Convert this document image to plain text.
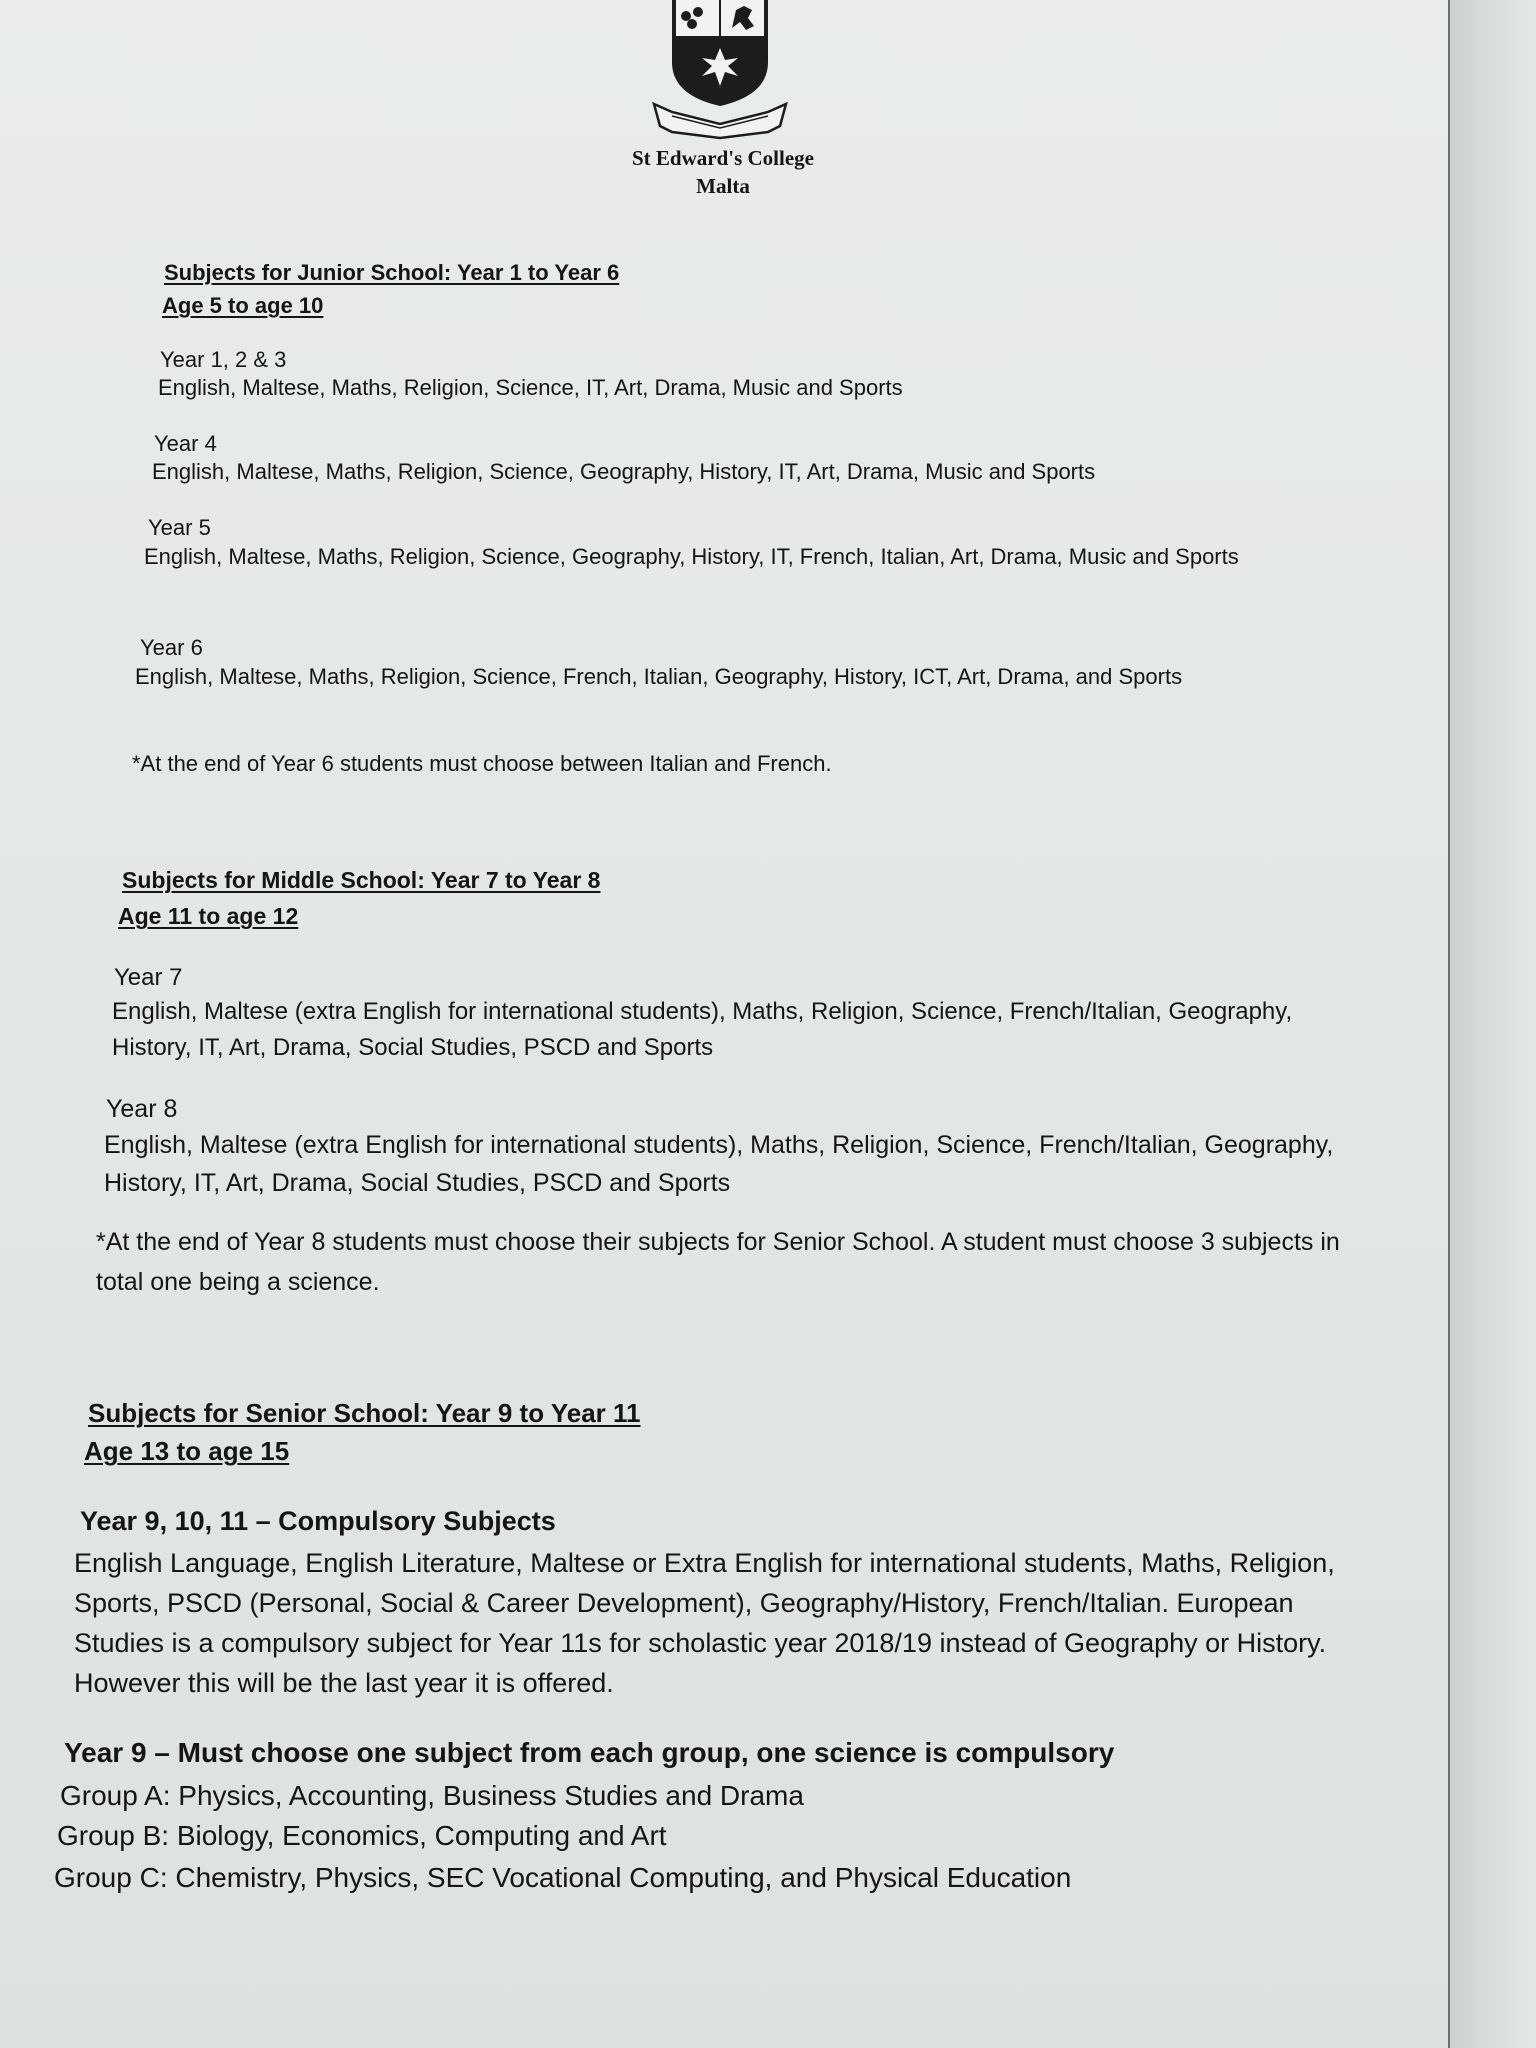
St Edward's College

Malta

Subjects for Junior School: Year 1 to Year 6

Age 5 to age 10

Year 1, 2 & 3

English, Maltese, Maths, Religion, Science, IT, Art, Drama, Music and Sports

Year 4

English, Maltese, Maths, Religion, Science, Geography, History, IT, Art, Drama, Music and Sports

Year 5

English, Maltese, Maths, Religion, Science, Geography, History, IT, French, Italian, Art, Drama, Music and Sports

Year 6

English, Maltese, Maths, Religion, Science, French, Italian, Geography, History, ICT, Art, Drama, and Sports

*At the end of Year 6 students must choose between Italian and French.

Subjects for Middle School: Year 7 to Year 8

Age 11 to age 12

Year 7

English, Maltese (extra English for international students), Maths, Religion, Science, French/Italian, Geography, History, IT, Art, Drama, Social Studies, PSCD and Sports

Year 8

English, Maltese (extra English for international students), Maths, Religion, Science, French/Italian, Geography, History, IT, Art, Drama, Social Studies, PSCD and Sports

*At the end of Year 8 students must choose their subjects for Senior School. A student must choose 3 subjects in total one being a science.

Subjects for Senior School: Year 9 to Year 11

Age 13 to age 15

Year 9, 10, 11 – Compulsory Subjects

English Language, English Literature, Maltese or Extra English for international students, Maths, Religion, Sports, PSCD (Personal, Social & Career Development), Geography/History, French/Italian. European Studies is a compulsory subject for Year 11s for scholastic year 2018/19 instead of Geography or History. However this will be the last year it is offered.

Year 9 – Must choose one subject from each group, one science is compulsory

Group A: Physics, Accounting, Business Studies and Drama

Group B: Biology, Economics, Computing and Art

Group C: Chemistry, Physics, SEC Vocational Computing, and Physical Education
